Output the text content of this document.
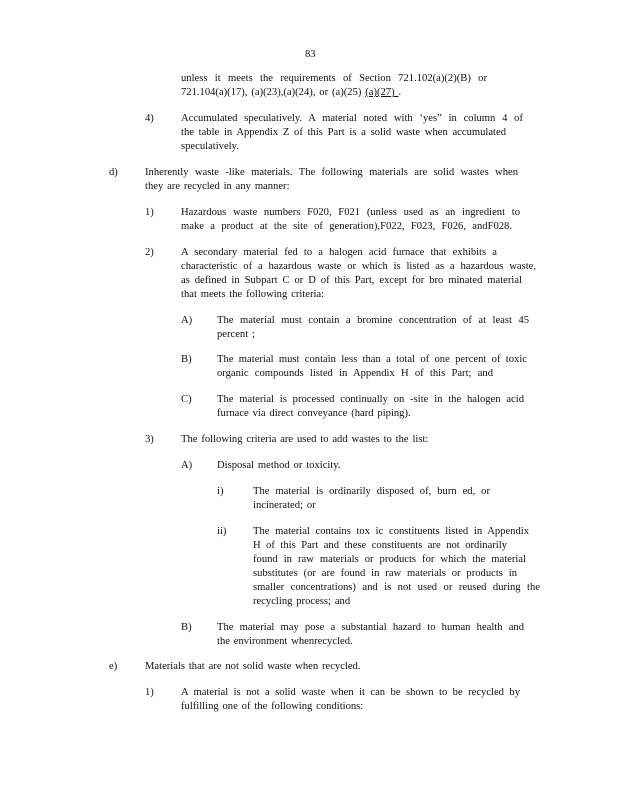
83

unless it meets the requirements of Section 721.102(a)(2)(B) or

721.104(a)(17), (a)(23),(a)(24), or (a)(25) (a)(27) .

4)	Accumulated speculatively. A material noted with ‘yes” in column 4 of

the table in Appendix Z of this Part is a solid waste when accumulated

speculatively.

d)	Inherently waste -like materials. The following materials are solid wastes when

they are recycled in any manner:

1)	Hazardous waste numbers F020, F021 (unless used as an ingredient to

make a product at the site of generation),F022, F023, F026, andF028.

2)	A secondary material fed to a halogen acid furnace that exhibits a

characteristic of a hazardous waste or which is listed as a hazardous waste,

as defined in Subpart C or D of this Part, except for bro minated material

that meets the following criteria:

A) The material must contain a bromine concentration of at least 45

percent ;

B) The material must contain less than a total of one percent of toxic

organic compounds listed in Appendix H of this Part; and

C) The material is processed continually on -site in the halogen acid

furnace via direct conveyance (hard piping).

3)	The following criteria are used to add wastes to the list:

A) Disposal method or toxicity.

i)	The material is ordinarily disposed of, burn ed, or

incinerated; or

ii)	The material contains tox ic constituents listed in Appendix

H of this Part and these constituents are not ordinarily

found in raw materials or products for which the material

substitutes (or are found in raw materials or products in

smaller concentrations) and is not used or reused during the

recycling process; and

B) The material may pose a substantial hazard to human health and

the environment whenrecycled.

e)	Materials that are not solid waste when recycled.

1)	A material is not a solid waste when it can be shown to be recycled by

fulfilling one of the following conditions:
